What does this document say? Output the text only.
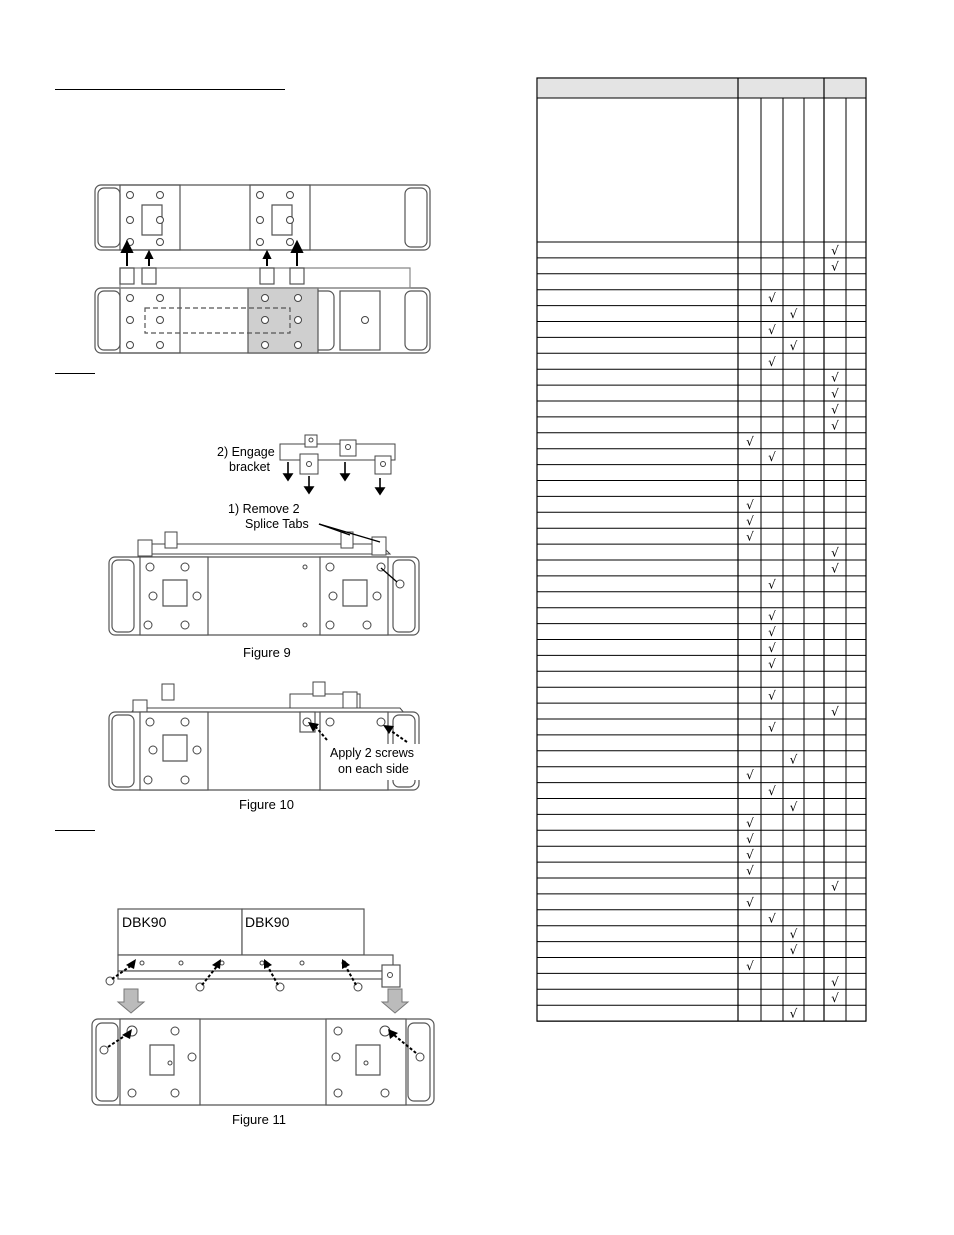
2) Engage
bracket
1) Remove 2
Splice Tabs
Figure 9
Apply 2 screws
on each side
Figure 10
DBK90	DBK90
Figure 11
√
√
√
√
√
√
√
√
√
√
√
√
√
√
√
√
√
√
√
√
√
√
√
√
√
√
√
√
√
√
√
√
√
√
√
√
√
√
√
√
√
√
√
